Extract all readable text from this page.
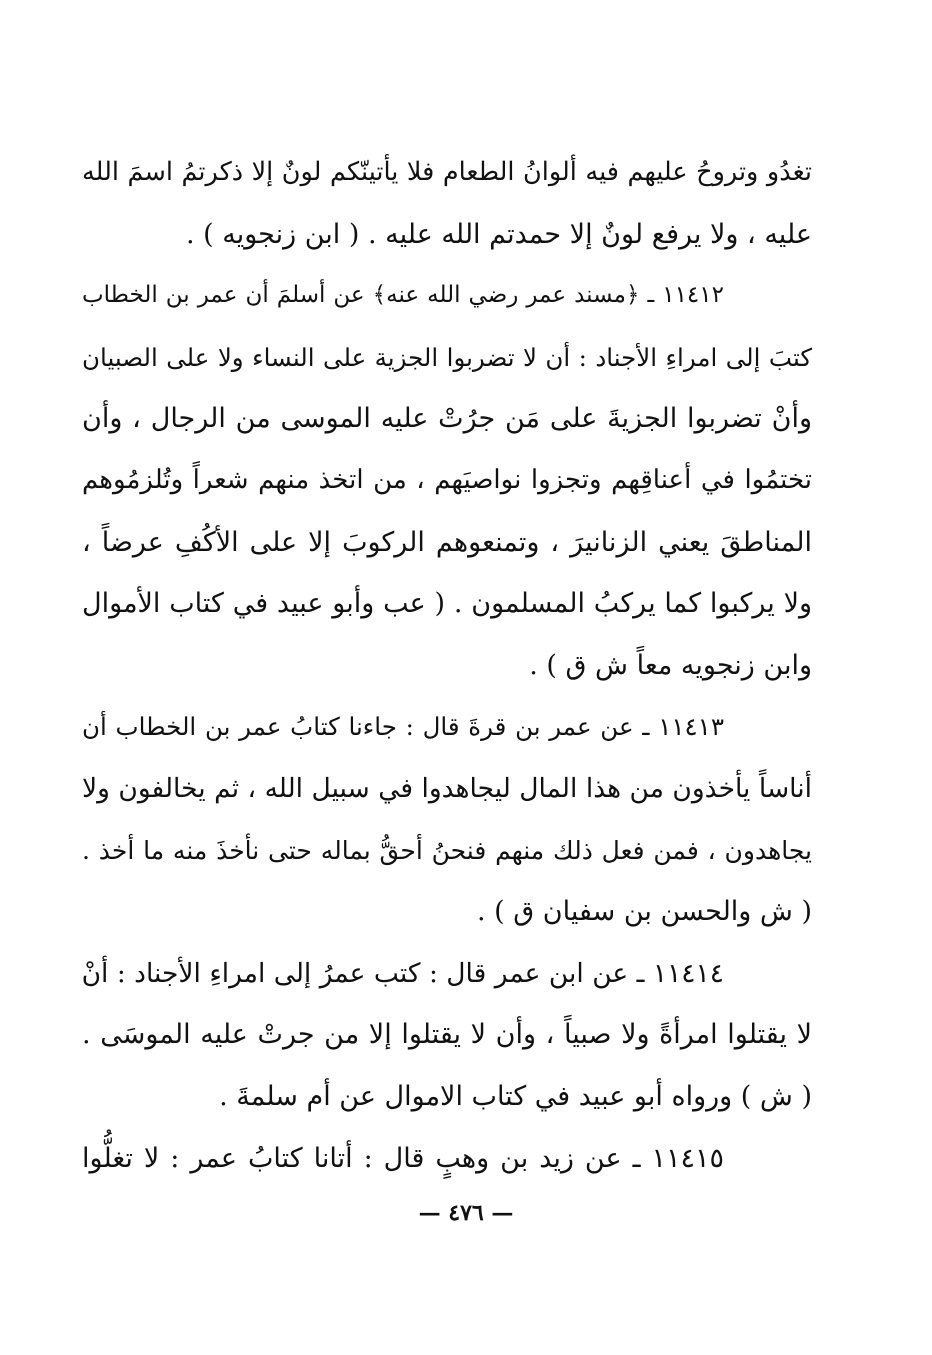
تغدُو وتروحُ عليهم فيه ألوانُ الطعام فلا يأتينّكم لونٌ إلا ذكرتمُ اسمَ الله
عليه ، ولا يرفع لونٌ إلا حمدتم الله عليه . ( ابن زنجويه ) .
١١٤١٢ ـ ﴿مسند عمر رضي الله عنه﴾ عن أسلمَ أن عمر بن الخطاب
كتبَ إلى امراءِ الأجناد : أن لا تضربوا الجزية على النساء ولا على الصبيان
وأنْ تضربوا الجزيةَ على مَن جرُتْ عليه الموسى من الرجال ، وأن
تختمُوا في أعناقِهم وتجزوا نواصيَهم ، من اتخذ منهم شعراً وتُلزمُوهم
المناطقَ يعني الزنانيرَ ، وتمنعوهم الركوبَ إلا على الأكُفِ عرضاً ،
ولا يركبوا كما يركبُ المسلمون . ( عب وأبو عبيد في كتاب الأموال
وابن زنجويه معاً ش ق ) .
١١٤١٣ ـ عن عمر بن قرةَ قال : جاءنا كتابُ عمر بن الخطاب أن
أناساً يأخذون من هذا المال ليجاهدوا في سبيل الله ، ثم يخالفون ولا
يجاهدون ، فمن فعل ذلك منهم فنحنُ أحقُّ بماله حتى نأخذَ منه ما أخذ .
( ش والحسن بن سفيان ق ) .
١١٤١٤ ـ عن ابن عمر قال : كتب عمرُ إلى امراءِ الأجناد : أنْ
لا يقتلوا امرأةً ولا صبياً ، وأن لا يقتلوا إلا من جرتْ عليه الموسَى .
( ش ) ورواه أبو عبيد في كتاب الاموال عن أم سلمةَ .
١١٤١٥ ـ عن زيد بن وهبٍ قال : أتانا كتابُ عمر : لا تغلُّوا
— ٤٧٦ —
